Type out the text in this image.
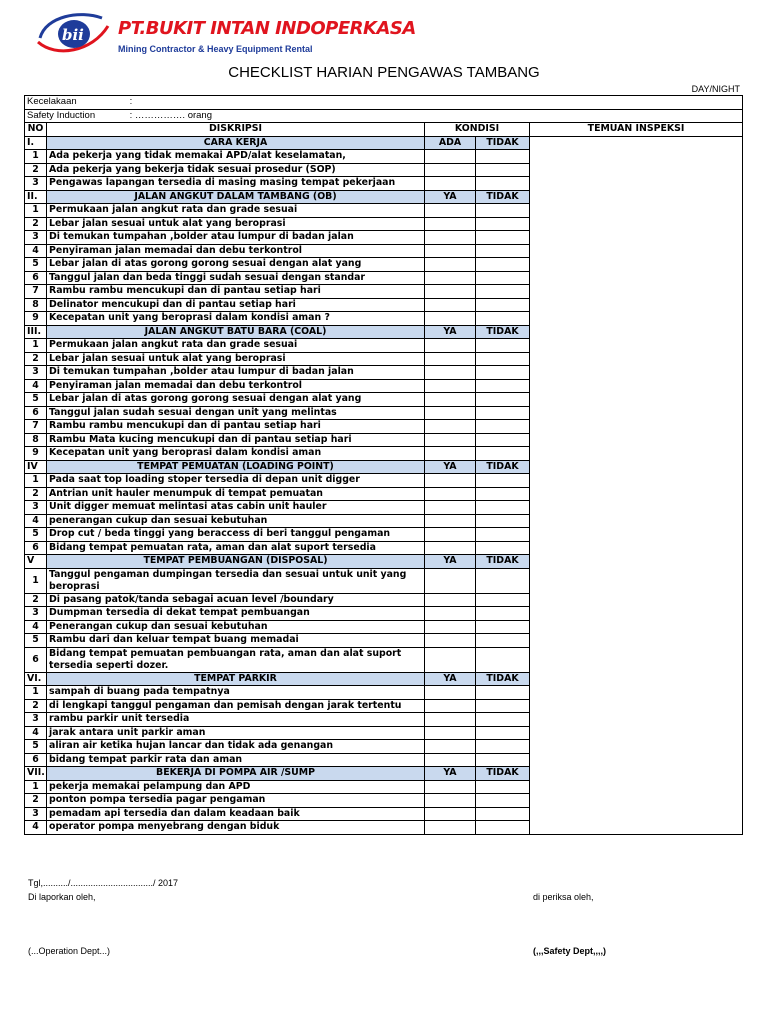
bii PT.BUKIT INTAN INDOPERKASA
Mining Contractor & Heavy Equipment Rental
CHECKLIST HARIAN PENGAWAS TAMBANG
DAY/NIGHT
Kecelakaan :				
Safety Induction : ……………. orang				
NO	DISKRIPSI	KONDISI		TEMUAN INSPEKSI
I.	CARA KERJA	ADA	TIDAK	
1	Ada pekerja yang tidak memakai APD/alat keselamatan,			
2	Ada pekerja yang bekerja tidak sesuai prosedur (SOP)			
3	Pengawas lapangan tersedia di masing masing tempat pekerjaan			
II.	JALAN ANGKUT DALAM TAMBANG (OB)	YA	TIDAK	
1	Permukaan jalan angkut rata dan grade sesuai			
2	Lebar jalan sesuai untuk alat yang beroprasi			
3	Di temukan tumpahan ,bolder atau lumpur di badan jalan			
4	Penyiraman jalan memadai dan debu terkontrol			
5	Lebar jalan di atas gorong gorong sesuai dengan alat yang			
6	Tanggul jalan dan beda tinggi sudah sesuai dengan standar			
7	Rambu rambu mencukupi dan di pantau setiap hari			
8	Delinator mencukupi dan di pantau setiap hari			
9	Kecepatan unit yang beroprasi dalam kondisi aman ?			
III.	JALAN ANGKUT BATU BARA (COAL)	YA	TIDAK	
1	Permukaan jalan angkut rata dan grade sesuai			
2	Lebar jalan sesuai untuk alat yang beroprasi			
3	Di temukan tumpahan ,bolder atau lumpur di badan jalan			
4	Penyiraman jalan memadai dan debu terkontrol			
5	Lebar jalan di atas gorong gorong sesuai dengan alat yang			
6	Tanggul jalan sudah sesuai dengan unit yang melintas			
7	Rambu rambu mencukupi dan di pantau setiap hari			
8	Rambu Mata kucing mencukupi dan di pantau setiap hari			
9	Kecepatan unit yang beroprasi dalam kondisi aman			
IV	TEMPAT PEMUATAN (LOADING POINT)	YA	TIDAK	
1	Pada saat top loading stoper tersedia di depan unit digger			
2	Antrian unit hauler menumpuk di tempat pemuatan			
3	Unit digger memuat melintasi atas cabin unit hauler			
4	penerangan cukup dan sesuai kebutuhan			
5	Drop cut / beda tinggi yang beraccess di beri tanggul pengaman			
6	Bidang tempat pemuatan rata, aman dan alat suport tersedia			
V	TEMPAT PEMBUANGAN (DISPOSAL)	YA	TIDAK	
1	Tanggul pengaman dumpingan tersedia dan sesuai untuk unit yang beroprasi			
2	Di pasang patok/tanda sebagai acuan level /boundary			
3	Dumpman tersedia di dekat tempat pembuangan			
4	Penerangan cukup dan sesuai kebutuhan			
5	Rambu dari dan keluar tempat buang memadai			
6	Bidang tempat pemuatan pembuangan rata, aman dan alat suport tersedia seperti dozer.			
VI.	TEMPAT PARKIR	YA	TIDAK	
1	sampah di buang pada tempatnya			
2	di lengkapi tanggul pengaman dan pemisah dengan jarak tertentu			
3	rambu parkir unit tersedia			
4	jarak antara unit parkir aman			
5	aliran air ketika hujan lancar dan tidak ada genangan			
6	bidang tempat parkir rata dan aman			
VII.	BEKERJA DI POMPA AIR /SUMP	YA	TIDAK	
1	pekerja memakai pelampung dan APD			
2	ponton pompa tersedia pagar pengaman			
3	pemadam api tersedia dan dalam keadaan baik			
4	operator pompa menyebrang dengan biduk			
Tgl,........../................................./ 2017
Di laporkan oleh,	di periksa oleh,
(...Operation Dept...)	(,,,Safety Dept,,,,)
